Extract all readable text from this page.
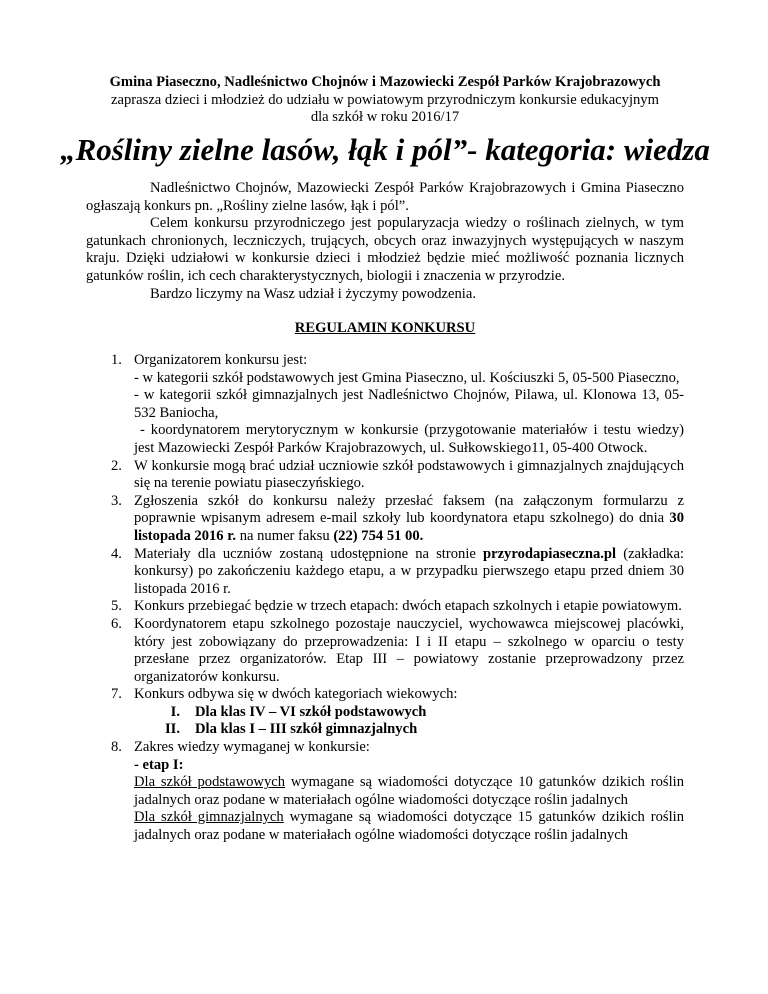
Gmina Piaseczno, Nadleśnictwo Chojnów i Mazowiecki Zespół Parków Krajobrazowych
zaprasza dzieci i młodzież do udziału w powiatowym przyrodniczym konkursie edukacyjnym
dla szkół w roku 2016/17
„Rośliny zielne lasów, łąk i pól”- kategoria: wiedza

Nadleśnictwo Chojnów, Mazowiecki Zespół Parków Krajobrazowych i Gmina Piaseczno ogłaszają konkurs pn. „Rośliny zielne lasów, łąk i pól”.

Celem konkursu przyrodniczego jest popularyzacja wiedzy o roślinach zielnych, w tym gatunkach chronionych, leczniczych, trujących, obcych oraz inwazyjnych występujących w naszym kraju. Dzięki udziałowi w konkursie dzieci i młodzież będzie mieć możliwość poznania licznych gatunków roślin, ich cech charakterystycznych, biologii i znaczenia w przyrodzie.

Bardzo liczymy na Wasz udział i życzymy powodzenia.

REGULAMIN KONKURSU
1. Organizatorem konkursu jest:

- w kategorii szkół podstawowych jest Gmina Piaseczno, ul. Kościuszki 5, 05-500 Piaseczno,

- w kategorii szkół gimnazjalnych jest Nadleśnictwo Chojnów, Pilawa, ul. Klonowa 13, 05-532 Baniocha,

- koordynatorem merytorycznym w konkursie (przygotowanie materiałów i testu wiedzy) jest Mazowiecki Zespół Parków Krajobrazowych, ul. Sułkowskiego11, 05-400 Otwock.

2. W konkursie mogą brać udział uczniowie szkół podstawowych i gimnazjalnych znajdujących się na terenie powiatu piaseczyńskiego.

3. Zgłoszenia szkół do konkursu należy przesłać faksem (na załączonym formularzu z poprawnie wpisanym adresem e-mail szkoły lub koordynatora etapu szkolnego) do dnia 30 listopada 2016 r. na numer faksu (22) 754 51 00.

4. Materiały dla uczniów zostaną udostępnione na stronie przyrodapiaseczna.pl (zakładka: konkursy) po zakończeniu każdego etapu, a w przypadku pierwszego etapu przed dniem 30 listopada 2016 r.

5. Konkurs przebiegać będzie w trzech etapach: dwóch etapach szkolnych i etapie powiatowym.

6. Koordynatorem etapu szkolnego pozostaje nauczyciel, wychowawca miejscowej placówki, który jest zobowiązany do przeprowadzenia: I i II etapu – szkolnego w oparciu o testy przesłane przez organizatorów. Etap III – powiatowy zostanie przeprowadzony przez organizatorów konkursu.

7. Konkurs odbywa się w dwóch kategoriach wiekowych:

I. Dla klas IV – VI szkół podstawowych
II. Dla klas I – III szkół gimnazjalnych
8. Zakres wiedzy wymaganej w konkursie:

- etap I:

Dla szkół podstawowych wymagane są wiadomości dotyczące 10 gatunków dzikich roślin jadalnych oraz podane w materiałach ogólne wiadomości dotyczące roślin jadalnych

Dla szkół gimnazjalnych wymagane są wiadomości dotyczące 15 gatunków dzikich roślin jadalnych oraz podane w materiałach ogólne wiadomości dotyczące roślin jadalnych
